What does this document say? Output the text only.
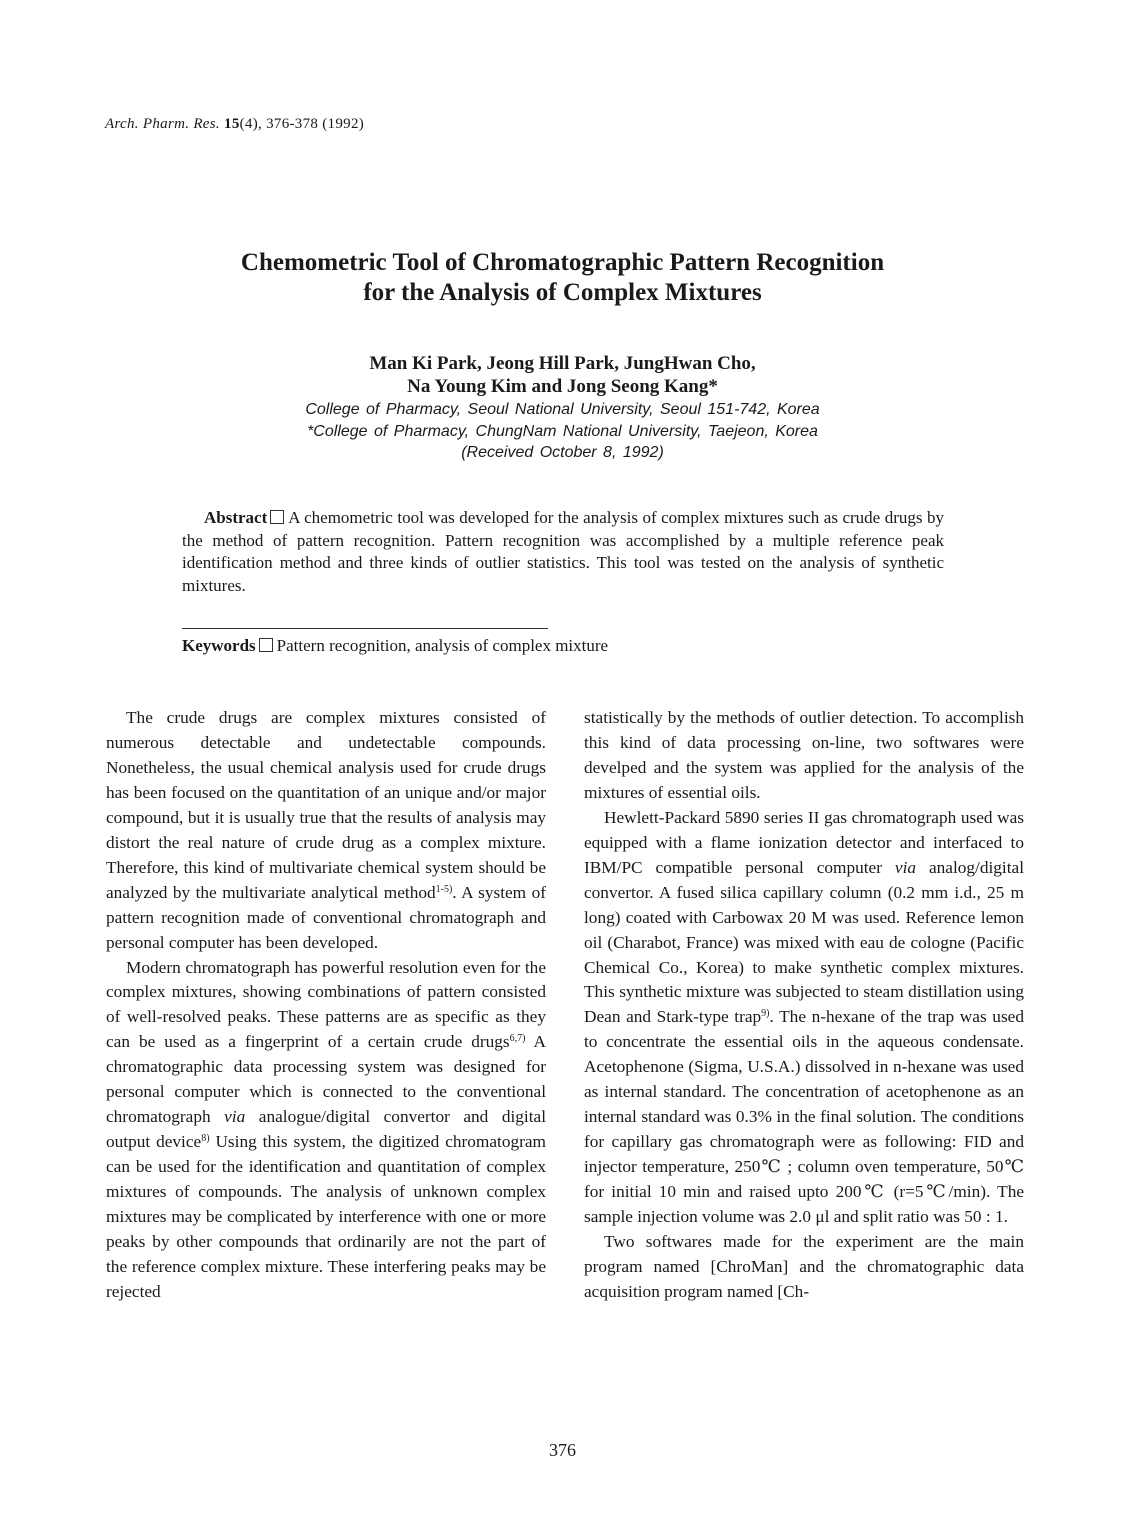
Arch. Pharm. Res. 15(4), 376-378 (1992)
Chemometric Tool of Chromatographic Pattern Recognition
for the Analysis of Complex Mixtures
Man Ki Park, Jeong Hill Park, JungHwan Cho,
Na Young Kim and Jong Seong Kang*
College of Pharmacy, Seoul National University, Seoul 151-742, Korea
*College of Pharmacy, ChungNam National University, Taejeon, Korea
(Received October 8, 1992)
Abstract A chemometric tool was developed for the analysis of complex mixtures such as crude drugs by the method of pattern recognition. Pattern recognition was accomplished by a multiple reference peak identification method and three kinds of outlier statistics. This tool was tested on the analysis of synthetic mixtures.
Keywords Pattern recognition, analysis of complex mixture

The crude drugs are complex mixtures consisted of numerous detectable and undetectable compounds. Nonetheless, the usual chemical analysis used for crude drugs has been focused on the quantitation of an unique and/or major compound, but it is usually true that the results of analysis may distort the real nature of crude drug as a complex mixture. Therefore, this kind of multivariate chemical system should be analyzed by the multivariate analytical method$^{1-5)}$. A system of pattern recognition made of conventional chromatograph and personal computer has been developed.

Modern chromatograph has powerful resolution even for the complex mixtures, showing combinations of pattern consisted of well-resolved peaks. These patterns are as specific as they can be used as a fingerprint of a certain crude drugs$^{6,7)}$ A chromatographic data processing system was designed for personal computer which is connected to the conventional chromatograph via analogue/digital convertor and digital output device$^{8)}$ Using this system, the digitized chromatogram can be used for the identification and quantitation of complex mixtures of compounds. The analysis of unknown complex mixtures may be complicated by interference with one or more peaks by other compounds that ordinarily are not the part of the reference complex mixture. These interfering peaks may be rejected

statistically by the methods of outlier detection. To accomplish this kind of data processing on-line, two softwares were develped and the system was applied for the analysis of the mixtures of essential oils.

Hewlett-Packard 5890 series II gas chromatograph used was equipped with a flame ionization detector and interfaced to IBM/PC compatible personal computer via analog/digital convertor. A fused silica capillary column (0.2 mm i.d., 25 m long) coated with Carbowax 20 M was used. Reference lemon oil (Charabot, France) was mixed with eau de cologne (Pacific Chemical Co., Korea) to make synthetic complex mixtures. This synthetic mixture was subjected to steam distillation using Dean and Stark-type trap$^{9)}$. The n-hexane of the trap was used to concentrate the essential oils in the aqueous condensate. Acetophenone (Sigma, U.S.A.) dissolved in n-hexane was used as internal standard. The concentration of acetophenone as an internal standard was 0.3% in the final solution. The conditions for capillary gas chromatograph were as following: FID and injector temperature, 250℃ ; column oven temperature, 50℃ for initial 10 min and raised upto 200℃ (r=5℃/min). The sample injection volume was 2.0 μl and split ratio was 50 : 1.

Two softwares made for the experiment are the main program named [ChroMan] and the chromatographic data acquisition program named [Ch-

376
